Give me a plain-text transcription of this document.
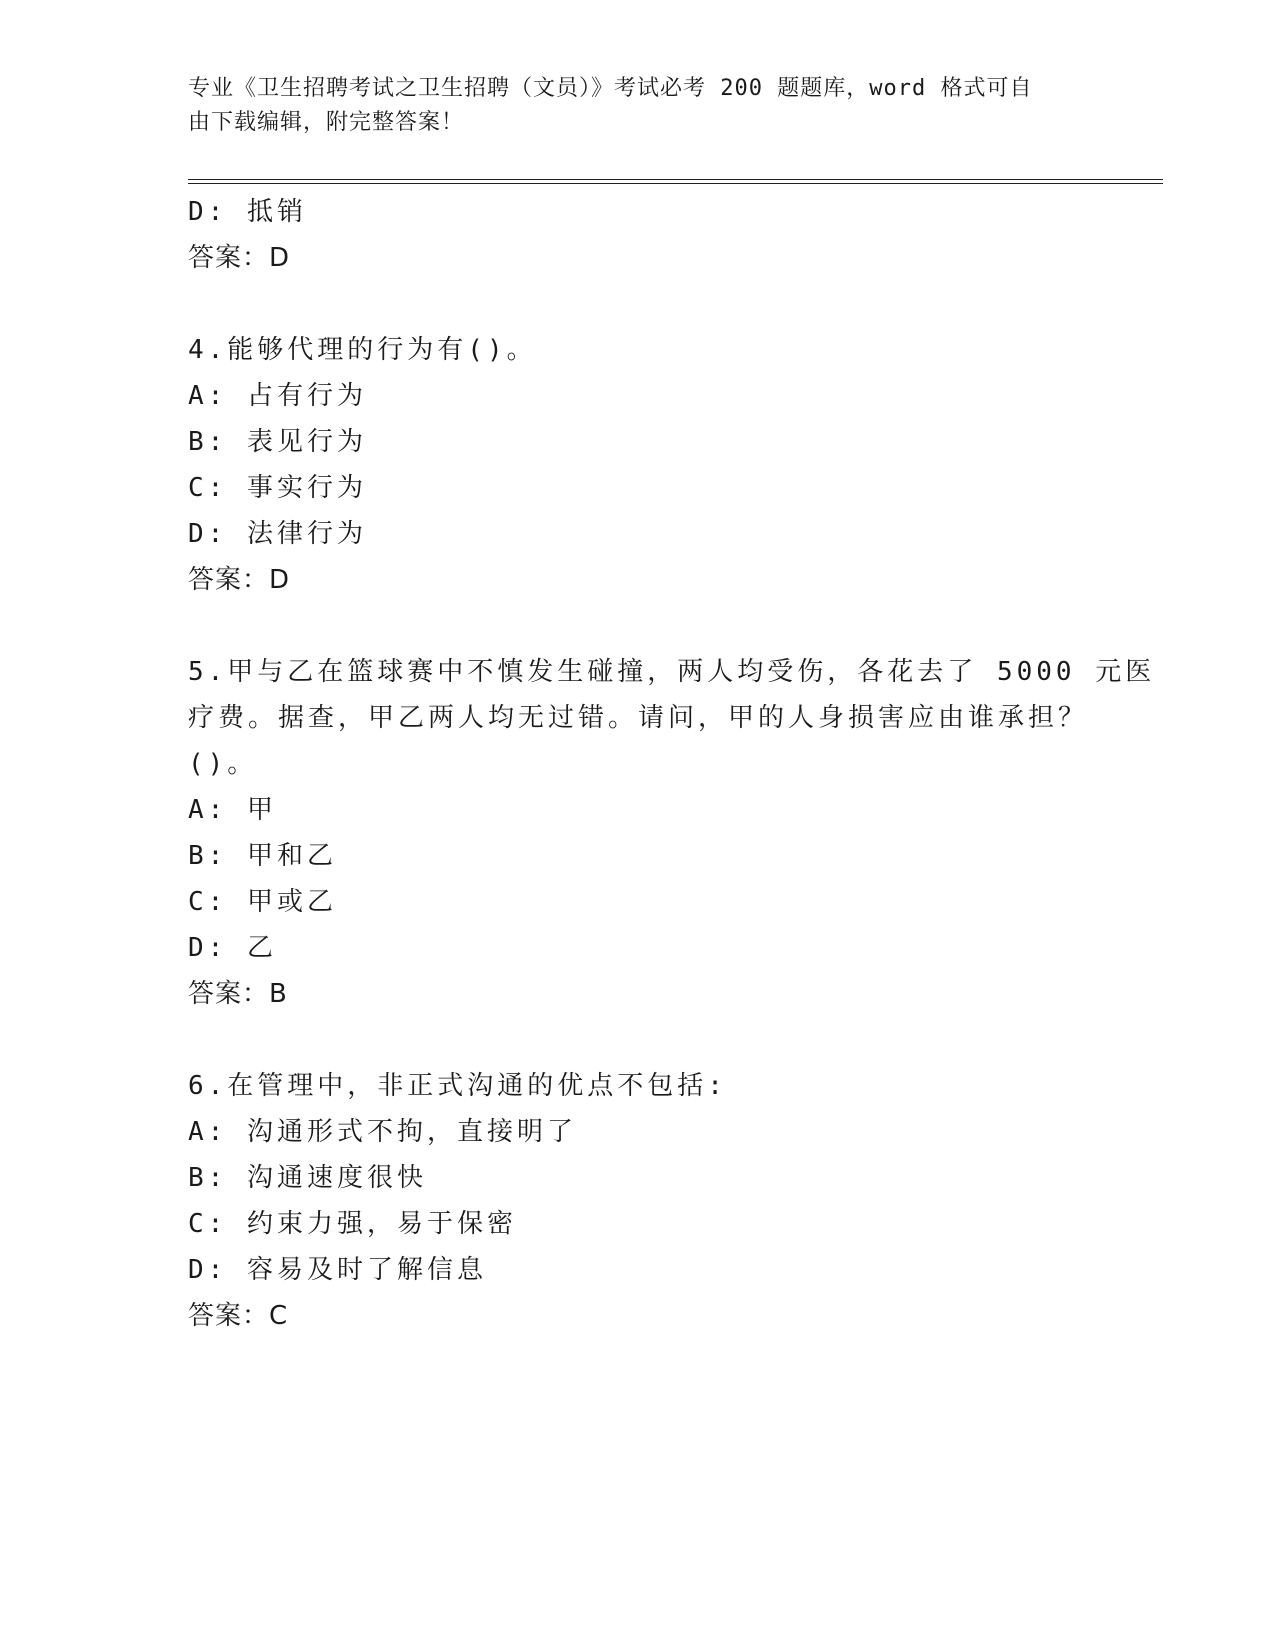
专业《卫生招聘考试之卫生招聘（文员）》考试必考 200 题题库，word 格式可自
由下载编辑，附完整答案！
D: 抵销
答案：D
4.能够代理的行为有()。
A: 占有行为
B: 表见行为
C: 事实行为
D: 法律行为
答案：D
5.甲与乙在篮球赛中不慎发生碰撞，两人均受伤，各花去了 5000 元医
疗费。据查，甲乙两人均无过错。请问，甲的人身损害应由谁承担？
()。
A: 甲
B: 甲和乙
C: 甲或乙
D: 乙
答案：B
6.在管理中，非正式沟通的优点不包括:
A: 沟通形式不拘，直接明了
B: 沟通速度很快
C: 约束力强，易于保密
D: 容易及时了解信息
答案：C
